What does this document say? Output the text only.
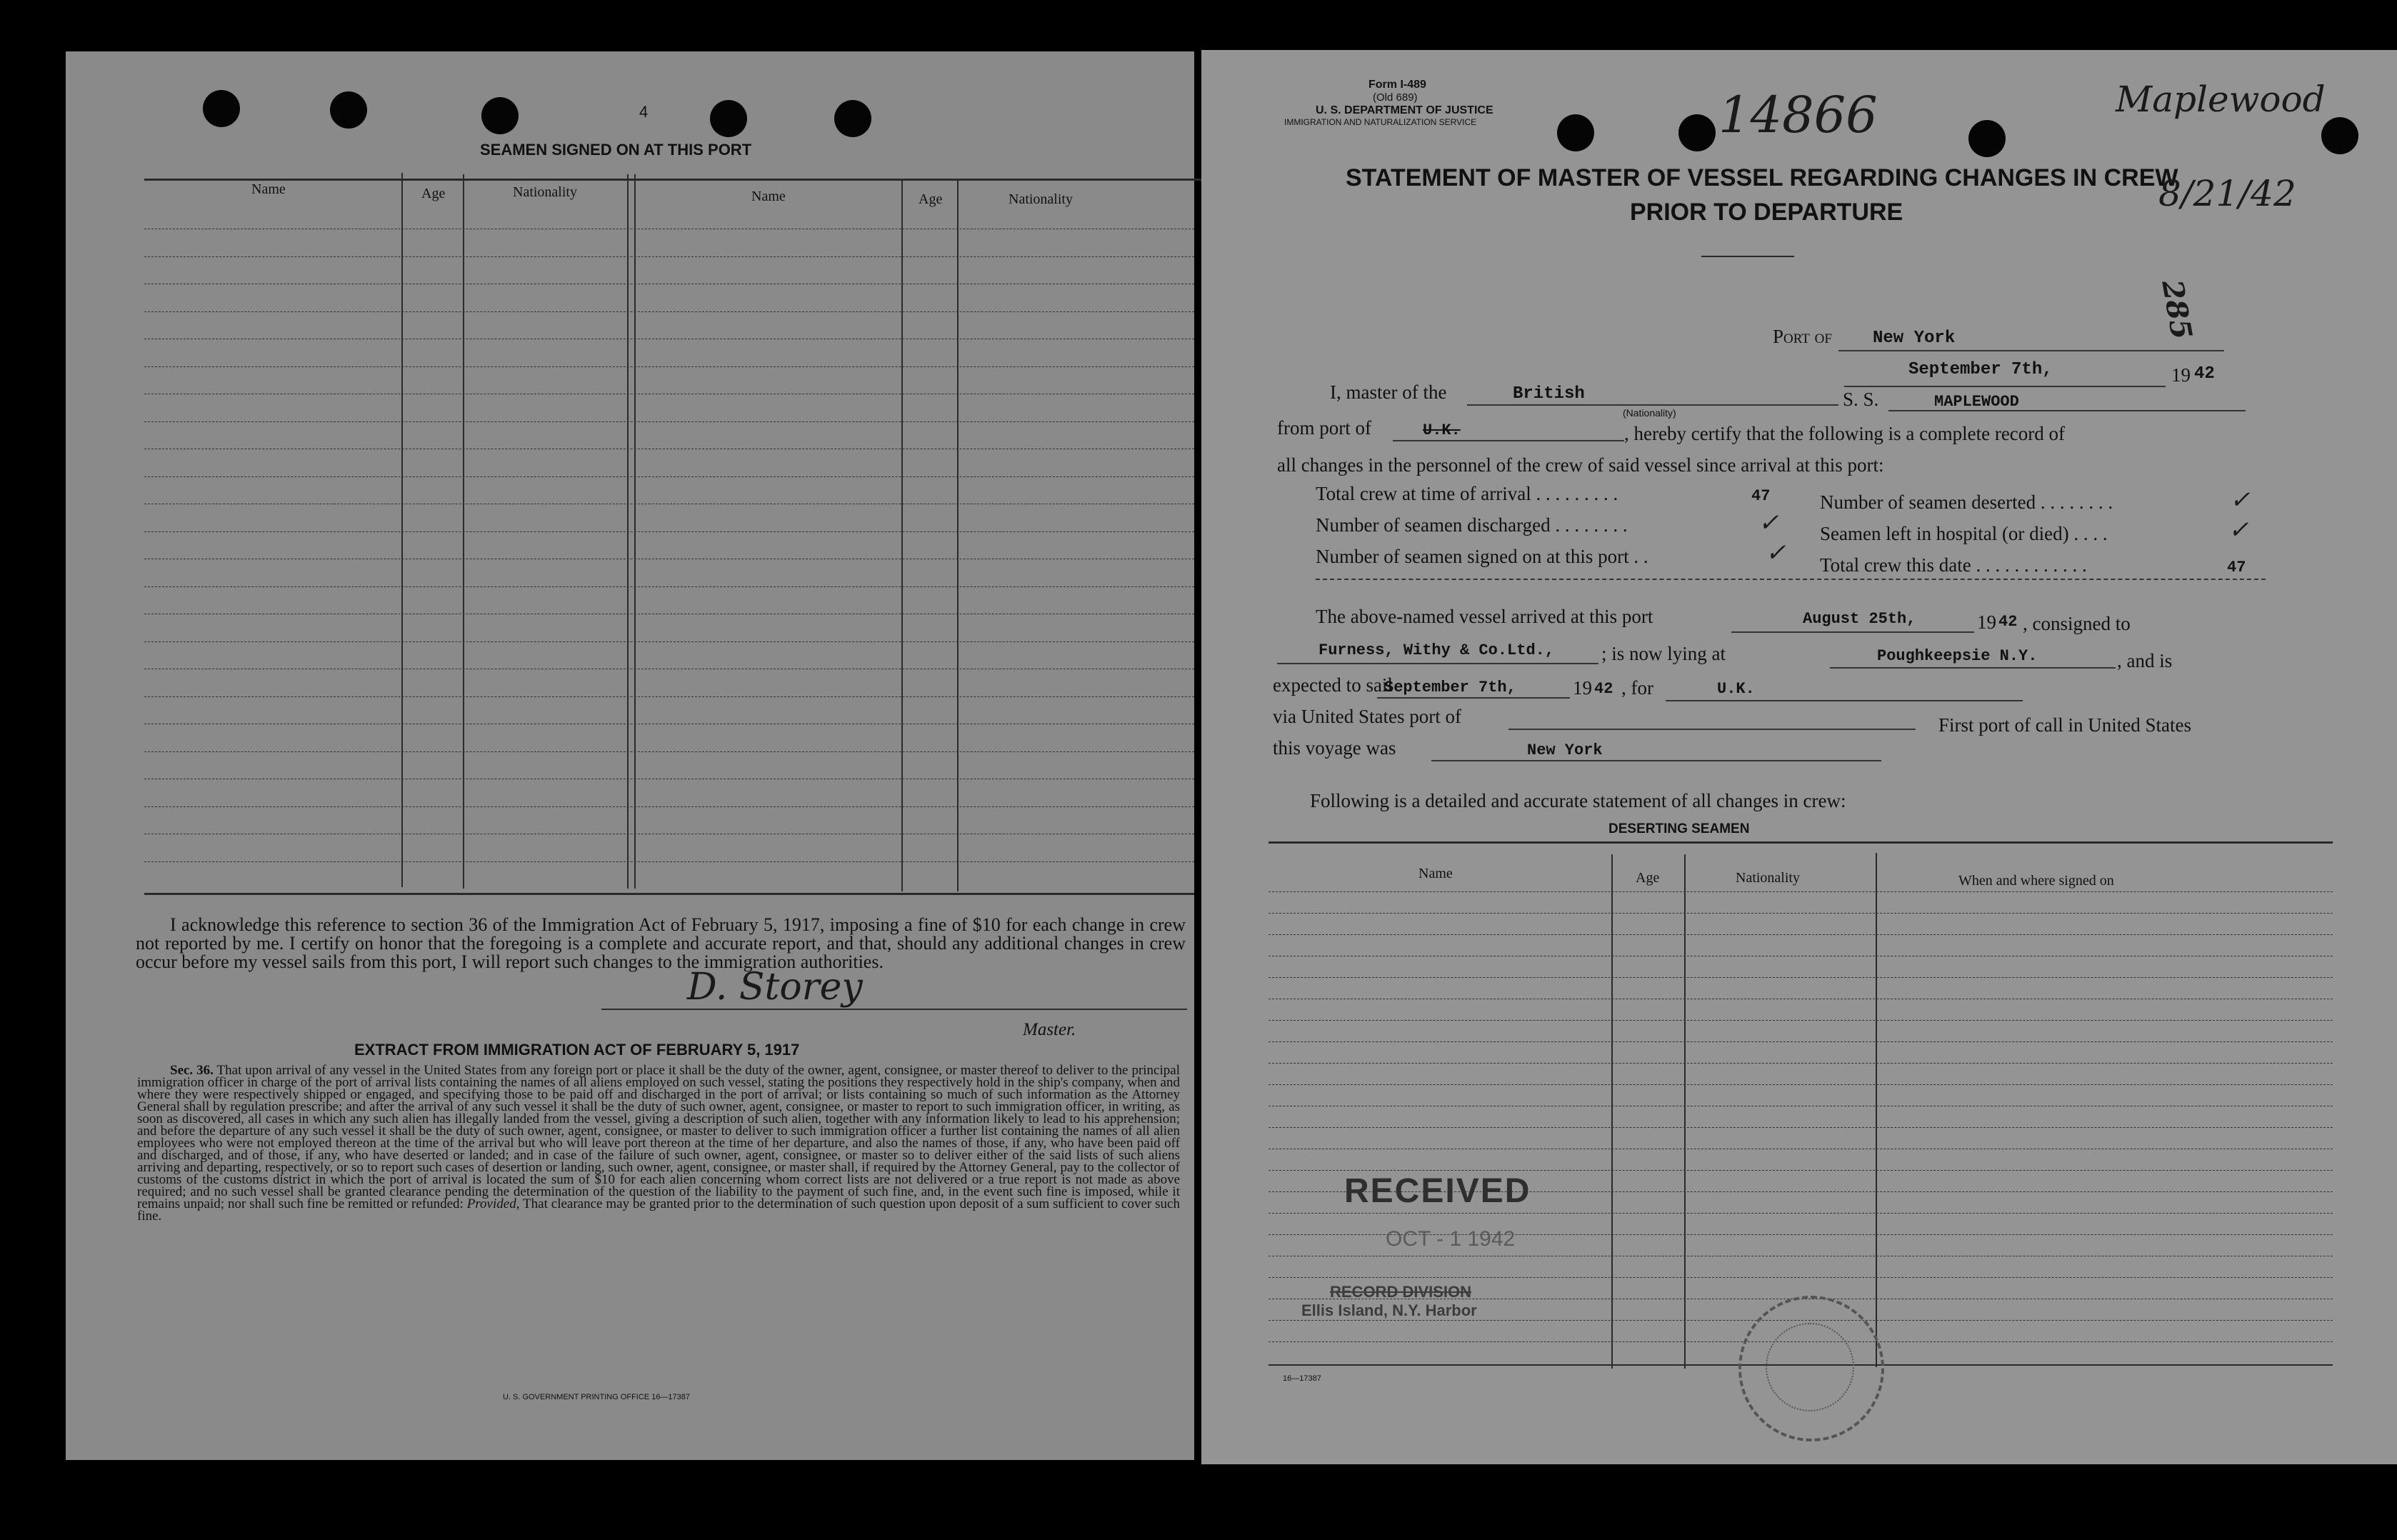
4
SEAMEN SIGNED ON AT THIS PORT
Name	Age	Nationality	Name	Age	Nationality
I acknowledge this reference to section 36 of the Immigration Act of February 5, 1917, imposing a fine of $10 for each change in crew not reported by me. I certify on honor that the foregoing is a complete and accurate report, and that, should any additional changes in crew occur before my vessel sails from this port, I will report such changes to the immigration authorities.
D. Storey
Master.
EXTRACT FROM IMMIGRATION ACT OF FEBRUARY 5, 1917
Sec. 36. That upon arrival of any vessel in the United States from any foreign port or place it shall be the duty of the owner, agent, consignee, or master thereof to deliver to the principal immigration officer in charge of the port of arrival lists containing the names of all aliens employed on such vessel, stating the positions they respectively hold in the ship's company, when and where they were respectively shipped or engaged, and specifying those to be paid off and discharged in the port of arrival; or lists containing so much of such information as the Attorney General shall by regulation prescribe; and after the arrival of any such vessel it shall be the duty of such owner, agent, consignee, or master to report to such immigration officer, in writing, as soon as discovered, all cases in which any such alien has illegally landed from the vessel, giving a description of such alien, together with any information likely to lead to his apprehension; and before the departure of any such vessel it shall be the duty of such owner, agent, consignee, or master to deliver to such immigration officer a further list containing the names of all alien employees who were not employed thereon at the time of the arrival but who will leave port thereon at the time of her departure, and also the names of those, if any, who have been paid off and discharged, and of those, if any, who have deserted or landed; and in case of the failure of such owner, agent, consignee, or master so to deliver either of the said lists of such aliens arriving and departing, respectively, or so to report such cases of desertion or landing, such owner, agent, consignee, or master shall, if required by the Attorney General, pay to the collector of customs of the customs district in which the port of arrival is located the sum of $10 for each alien concerning whom correct lists are not delivered or a true report is not made as above required; and no such vessel shall be granted clearance pending the determination of the question of the liability to the payment of such fine, and, in the event such fine is imposed, while it remains unpaid; nor shall such fine be remitted or refunded: Provided, That clearance may be granted prior to the determination of such question upon deposit of a sum sufficient to cover such fine.
U. S. GOVERNMENT PRINTING OFFICE 16—17387
Form I-489
(Old 689)
U. S. DEPARTMENT OF JUSTICE
IMMIGRATION AND NATURALIZATION SERVICE
STATEMENT OF MASTER OF VESSEL REGARDING CHANGES IN CREW
PRIOR TO DEPARTURE
14866	Maplewood
8/21/42
285
Port of New York
September 7th,	19 42
I, master of the	British
(Nationality)
S. S.	MAPLEWOOD
from port of	U.K.	, hereby certify that the following is a complete record of
all changes in the personnel of the crew of said vessel since arrival at this port:
Total crew at time of arrival . . . . . . . . .	47
Number of seamen discharged . . . . . . . .	✓
Number of seamen signed on at this port . .	✓
Number of seamen deserted . . . . . . . .	✓
Seamen left in hospital (or died) . . . .	✓
Total crew this date . . . . . . . . . . . .	47
The above-named vessel arrived at this port	August 25th,	19 42 , consigned to
Furness, Withy & Co.Ltd., ; is now lying at	Poughkeepsie N.Y.	, and is
expected to sail
September 7th,	19 42 , for	U.K.
via United States port of	First port of call in United States
this voyage was	New York
Following is a detailed and accurate statement of all changes in crew:
DESERTING SEAMEN
Name	Age	Nationality	When and where signed on
RECEIVED
OCT - 1 1942
RECORD DIVISION
Ellis Island, N.Y. Harbor
16—17387
